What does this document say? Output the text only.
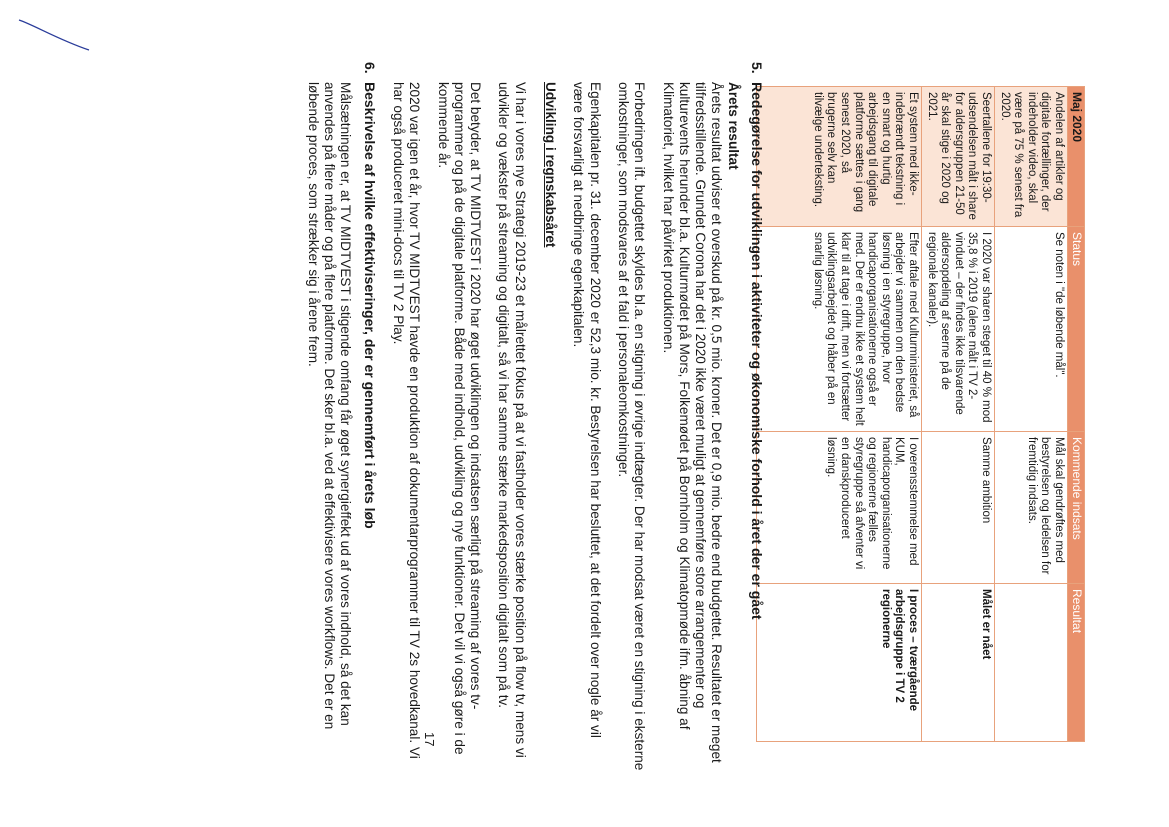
Maj 2020	Status	Kommende indsats	Resultat
Andelen af artikler og digitale fortællinger, der indeholder video, skal være på 75 % senest fra 2020.	Se noten i "de løbende mål".	Mål skal gendrøftes med bestyrelsen og ledelsen for fremtidig indsats.	
Seertallene for 19:30-udsendelsen målt i share for aldersgruppen 21-50 år skal stige i 2020 og 2021.	I 2020 var sharen steget til 40 % mod 35,8 % i 2019 (alene målt i TV 2-vinduet – der findes ikke tilsvarende aldersopdeling af seerne på de regionale kanaler).	Samme ambition	Målet er nået
Et system med ikke-indebrændt tekstning i en smart og hurtig arbejdsgang til digitale platforme sættes i gang senest 2020, så brugerne selv kan tilvælge underteksting.	Efter aftale med Kulturministeriet, så arbejder vi sammen om den bedste løsning i en styregruppe, hvor handicaporganisationerne også er med. Der er endnu ikke et system helt klar til at tage i drift, men vi fortsætter udviklingsarbejdet og håber på en snarlig løsning.	I overensstemmelse med KUM, handicaporganisationerne og regionerne fælles styregruppe så afventer vi en danskproduceret løsning.	I proces – tværgående arbejdsgruppe i TV 2 regionerne
5.
Redegørelse for udviklingen i aktiviteter og økonomiske forhold i året der er gået
Årets resultat

Årets resultat udviser et overskud på kr. 0,5 mio. kroner. Det er 0,9 mio. bedre end budgettet. Resultatet er meget tilfredsstillende. Grundet Corona har det i 2020 ikke været muligt at gennemføre store arrangementer og kulturevents herunder bl.a. Kulturmødet på Mors, Folkemødet på Bornholm og Klimatopmøde ifm. åbning af Klimatoriet, hvilket har påvirket produktionen.

Forbedringen ift. budgettet skyldes bl.a. en stigning i øvrige indtægter. Der har modsat været en stigning i eksterne omkostninger, som modsvares af et fald i personaleomkostninger.

Egenkapitalen pr. 31. december 2020 er 52,3 mio. kr. Bestyrelsen har besluttet, at det fordelt over nogle år vil være forsvarligt at nedbringe egenkapitalen.

Udvikling i regnskabsåret

Vi har i vores nye Strategi 2019-23 et målrettet fokus på at vi fastholder vores stærke position på flow tv, mens vi udvikler og vækster på streaming og digitalt, så vi har samme stærke markedsposition digitalt som på tv.

Det betyder, at TV MIDTVEST i 2020 har øget udviklingen og indsatsen særligt på streaming af vores tv-programmer og på de digitale platforme. Både med indhold, udvikling og nye funktioner. Det vil vi også gøre i de kommende år.

2020 var igen et år, hvor TV MIDTVEST havde en produktion af dokumentarprogrammer til TV 2s hovedkanal. Vi har også produceret mini-docs til TV 2 Play.

6.
Beskrivelse af hvilke effektiviseringer, der er gennemført i årets løb

Målsætningen er, at TV MIDTVEST i stigende omfang får øget synergieffekt ud af vores indhold, så det kan anvendes på flere måder og på flere platforme. Det sker bl.a. ved at effektivisere vores workflows. Det er en løbende proces, som strækker sig i årene frem.

17
